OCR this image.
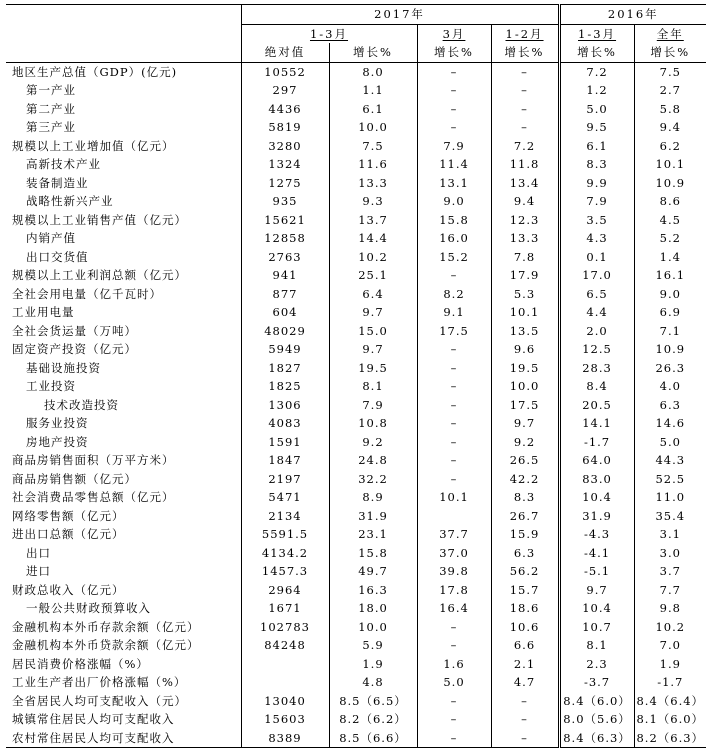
	2017年				2016年	
	1-3月		3月	1-2月	1-3月	全年
	绝对值	增长%	增长%	增长%	增长%	增长%
地区生产总值（GDP）(亿元)	10552	8.0	–	–	7.2	7.5
第一产业	297	1.1	–	–	1.2	2.7
第二产业	4436	6.1	–	–	5.0	5.8
第三产业	5819	10.0	–	–	9.5	9.4
规模以上工业增加值（亿元）	3280	7.5	7.9	7.2	6.1	6.2
高新技术产业	1324	11.6	11.4	11.8	8.3	10.1
装备制造业	1275	13.3	13.1	13.4	9.9	10.9
战略性新兴产业	935	9.3	9.0	9.4	7.9	8.6
规模以上工业销售产值（亿元）	15621	13.7	15.8	12.3	3.5	4.5
内销产值	12858	14.4	16.0	13.3	4.3	5.2
出口交货值	2763	10.2	15.2	7.8	0.1	1.4
规模以上工业利润总额（亿元）	941	25.1	–	17.9	17.0	16.1
全社会用电量（亿千瓦时）	877	6.4	8.2	5.3	6.5	9.0
工业用电量	604	9.7	9.1	10.1	4.4	6.9
全社会货运量（万吨）	48029	15.0	17.5	13.5	2.0	7.1
固定资产投资（亿元）	5949	9.7	–	9.6	12.5	10.9
基础设施投资	1827	19.5	–	19.5	28.3	26.3
工业投资	1825	8.1	–	10.0	8.4	4.0
技术改造投资	1306	7.9	–	17.5	20.5	6.3
服务业投资	4083	10.8	–	9.7	14.1	14.6
房地产投资	1591	9.2	–	9.2	-1.7	5.0
商品房销售面积（万平方米）	1847	24.8	–	26.5	64.0	44.3
商品房销售额（亿元）	2197	32.2	–	42.2	83.0	52.5
社会消费品零售总额（亿元）	5471	8.9	10.1	8.3	10.4	11.0
网络零售额（亿元）	2134	31.9		26.7	31.9	35.4
进出口总额（亿元）	5591.5	23.1	37.7	15.9	-4.3	3.1
出口	4134.2	15.8	37.0	6.3	-4.1	3.0
进口	1457.3	49.7	39.8	56.2	-5.1	3.7
财政总收入（亿元）	2964	16.3	17.8	15.7	9.7	7.7
一般公共财政预算收入	1671	18.0	16.4	18.6	10.4	9.8
金融机构本外币存款余额（亿元）	102783	10.0	–	10.6	10.7	10.2
金融机构本外币贷款余额（亿元）	84248	5.9	–	6.6	8.1	7.0
居民消费价格涨幅（%）		1.9	1.6	2.1	2.3	1.9
工业生产者出厂价格涨幅（%）		4.8	5.0	4.7	-3.7	-1.7
全省居民人均可支配收入（元）	13040	8.5（6.5）	–	–	8.4（6.0）	8.4（6.4）
城镇常住居民人均可支配收入	15603	8.2（6.2）	–	–	8.0（5.6）	8.1（6.0）
农村常住居民人均可支配收入	8389	8.5（6.6）	–	–	8.4（6.3）	8.2（6.3）
